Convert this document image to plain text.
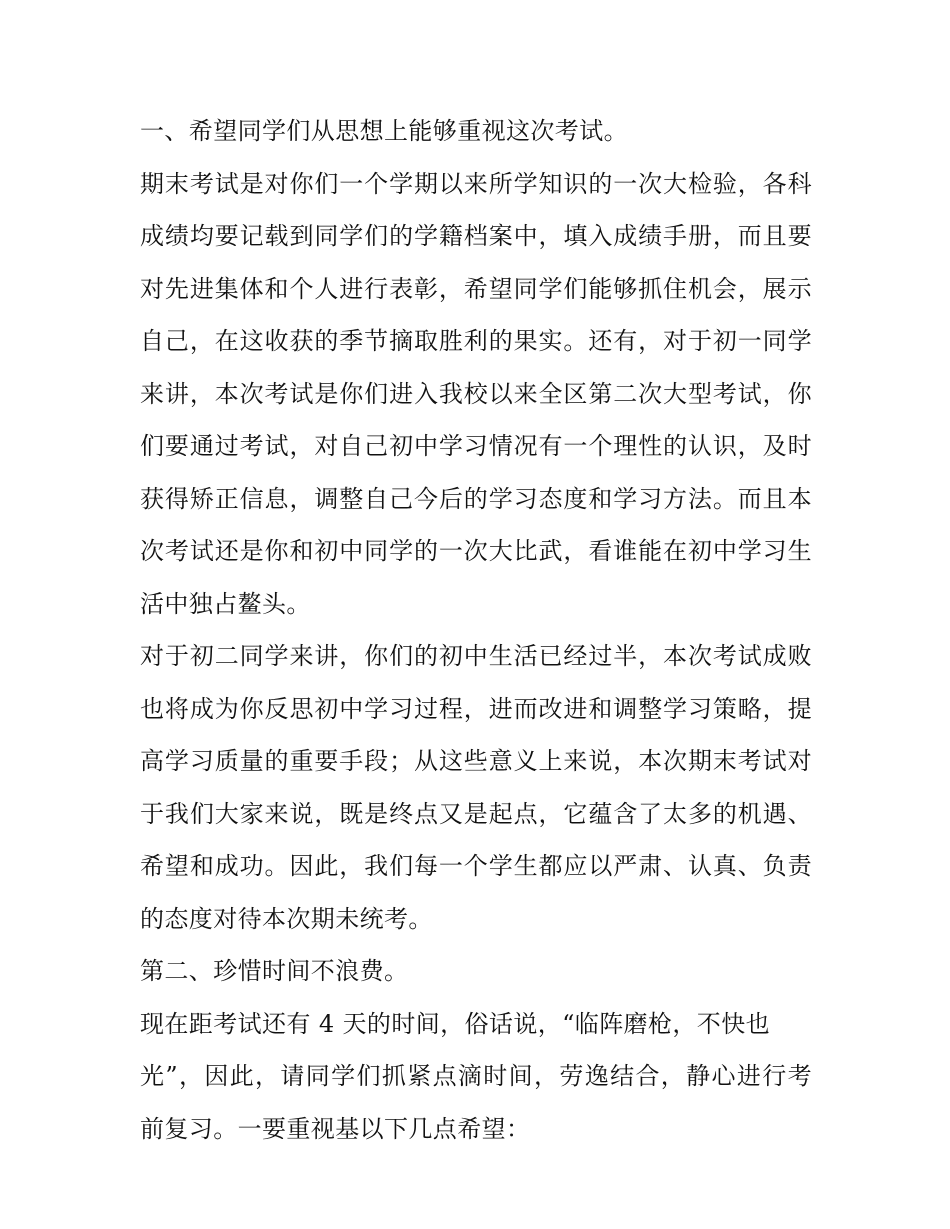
一、希望同学们从思想上能够重视这次考试。
期末考试是对你们一个学期以来所学知识的一次大检验，各科
成绩均要记载到同学们的学籍档案中，填入成绩手册，而且要
对先进集体和个人进行表彰，希望同学们能够抓住机会，展示
自己，在这收获的季节摘取胜利的果实。还有，对于初一同学
来讲，本次考试是你们进入我校以来全区第二次大型考试，你
们要通过考试，对自己初中学习情况有一个理性的认识，及时
获得矫正信息，调整自己今后的学习态度和学习方法。而且本
次考试还是你和初中同学的一次大比武，看谁能在初中学习生
活中独占鳌头。
对于初二同学来讲，你们的初中生活已经过半，本次考试成败
也将成为你反思初中学习过程，进而改进和调整学习策略，提
高学习质量的重要手段；从这些意义上来说，本次期末考试对
于我们大家来说，既是终点又是起点，它蕴含了太多的机遇、
希望和成功。因此，我们每一个学生都应以严肃、认真、负责
的态度对待本次期未统考。
第二、珍惜时间不浪费。
现在距考试还有 4 天的时间，俗话说，“临阵磨枪，不快也
光”，因此，请同学们抓紧点滴时间，劳逸结合，静心进行考
前复习。一要重视基以下几点希望：
